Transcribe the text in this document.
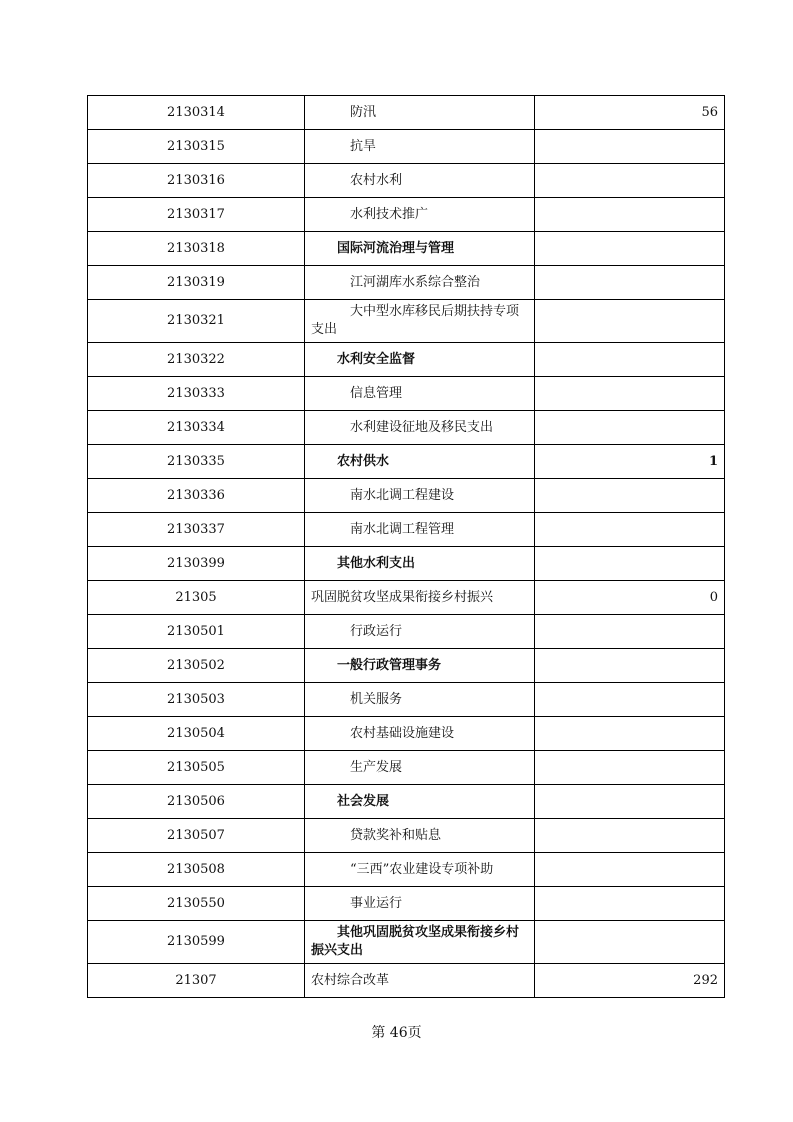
2130314	防汛	56
2130315	抗旱	
2130316	农村水利	
2130317	水利技术推广	
2130318	国际河流治理与管理	
2130319	江河湖库水系综合整治	
2130321	大中型水库移民后期扶持专项支出	
2130322	水利安全监督	
2130333	信息管理	
2130334	水利建设征地及移民支出	
2130335	农村供水	1
2130336	南水北调工程建设	
2130337	南水北调工程管理	
2130399	其他水利支出	
21305	巩固脱贫攻坚成果衔接乡村振兴	0
2130501	行政运行	
2130502	一般行政管理事务	
2130503	机关服务	
2130504	农村基础设施建设	
2130505	生产发展	
2130506	社会发展	
2130507	贷款奖补和贴息	
2130508	“三西”农业建设专项补助	
2130550	事业运行	
2130599	其他巩固脱贫攻坚成果衔接乡村振兴支出	
21307	农村综合改革	292
第 46页
